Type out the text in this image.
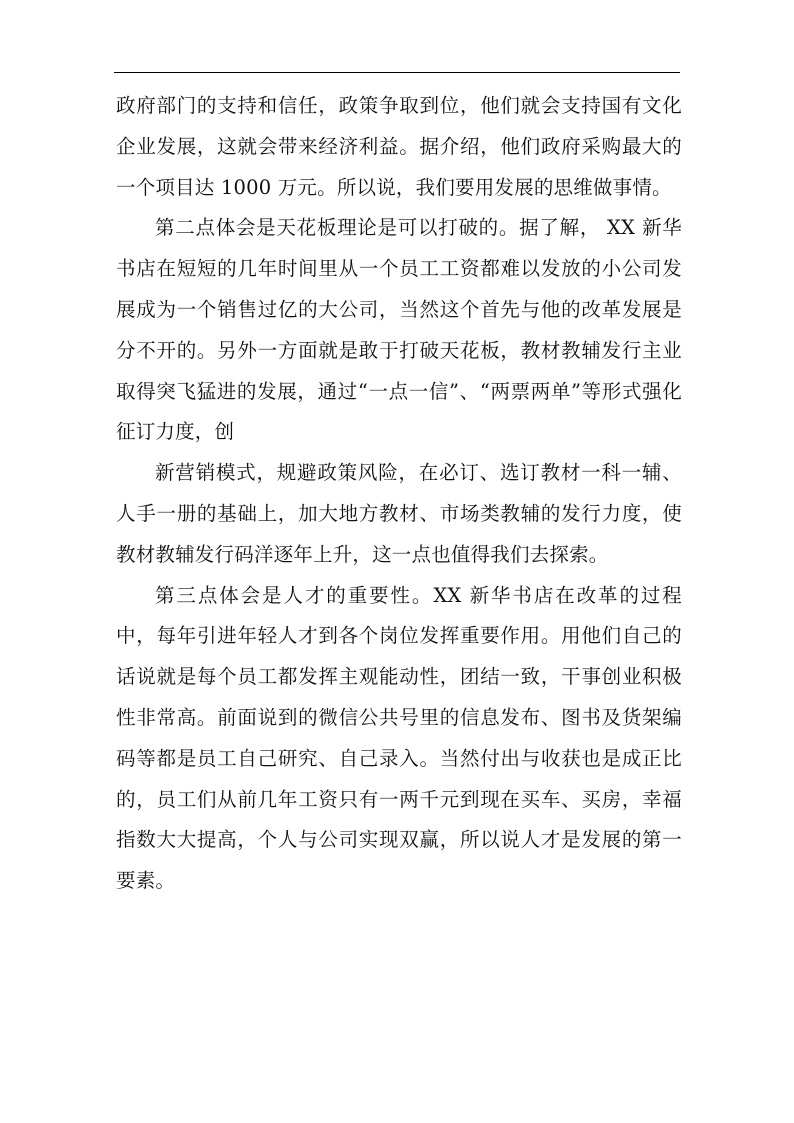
政府部门的支持和信任，政策争取到位，他们就会支持国有文化企业发展，这就会带来经济利益。据介绍，他们政府采购最大的一个项目达 1000 万元。所以说，我们要用发展的思维做事情。

第二点体会是天花板理论是可以打破的。据了解， XX 新华书店在短短的几年时间里从一个员工工资都难以发放的小公司发展成为一个销售过亿的大公司，当然这个首先与他的改革发展是分不开的。另外一方面就是敢于打破天花板，教材教辅发行主业取得突飞猛进的发展，通过“一点一信”、“两票两单”等形式强化征订力度，创

新营销模式，规避政策风险，在必订、选订教材一科一辅、人手一册的基础上，加大地方教材、市场类教辅的发行力度，使教材教辅发行码洋逐年上升，这一点也值得我们去探索。

第三点体会是人才的重要性。XX 新华书店在改革的过程中，每年引进年轻人才到各个岗位发挥重要作用。用他们自己的话说就是每个员工都发挥主观能动性，团结一致，干事创业积极性非常高。前面说到的微信公共号里的信息发布、图书及货架编码等都是员工自己研究、自己录入。当然付出与收获也是成正比的，员工们从前几年工资只有一两千元到现在买车、买房，幸福指数大大提高，个人与公司实现双赢，所以说人才是发展的第一要素。
